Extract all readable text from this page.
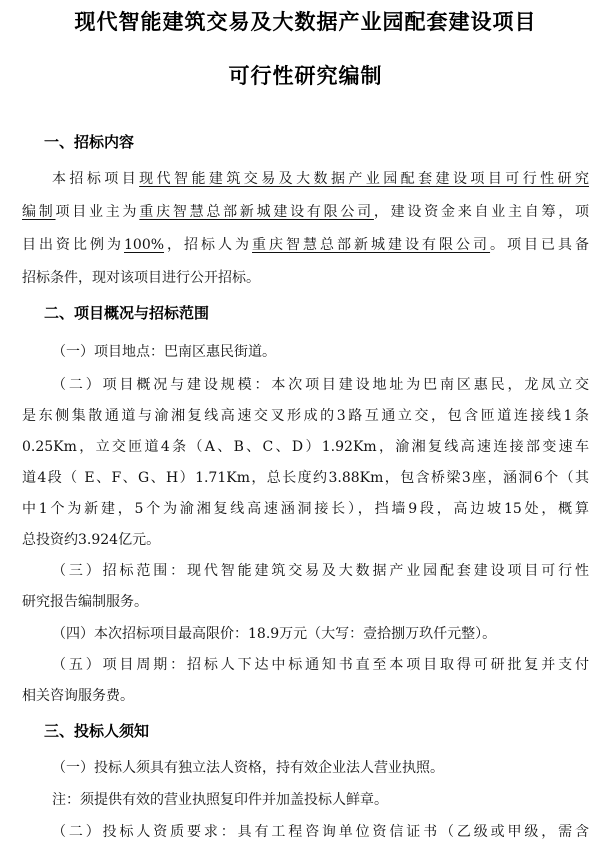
现代智能建筑交易及大数据产业园配套建设项目
可行性研究编制
一、招标内容
本招标项目现代智能建筑交易及大数据产业园配套建设项目可行性研究
编制项目业主为重庆智慧总部新城建设有限公司，建设资金来自业主自筹，项
目出资比例为100%，招标人为重庆智慧总部新城建设有限公司。项目已具备
招标条件，现对该项目进行公开招标。
二、项目概况与招标范围
（一）项目地点：巴南区惠民街道。
（二）项目概况与建设规模：本次项目建设地址为巴南区惠民，龙凤立交
是东侧集散通道与渝湘复线高速交叉形成的3路互通立交，包含匝道连接线1条
0.25Km，立交匝道4条（A、B、C、D）1.92Km，渝湘复线高速连接部变速车
道4段（ E、F、G、H）1.71Km，总长度约3.88Km，包含桥梁3座，涵洞6个（其
中1个为新建，5个为渝湘复线高速涵洞接长），挡墙9段，高边坡15处，概算
总投资约3.924亿元。
（三）招标范围：现代智能建筑交易及大数据产业园配套建设项目可行性
研究报告编制服务。
（四）本次招标项目最高限价：18.9万元（大写：壹拾捌万玖仟元整）。
（五）项目周期：招标人下达中标通知书直至本项目取得可研批复并支付
相关咨询服务费。
三、投标人须知
（一）投标人须具有独立法人资格，持有效企业法人营业执照。
注：须提供有效的营业执照复印件并加盖投标人鲜章。
（二）投标人资质要求：具有工程咨询单位资信证书（乙级或甲级，需含
